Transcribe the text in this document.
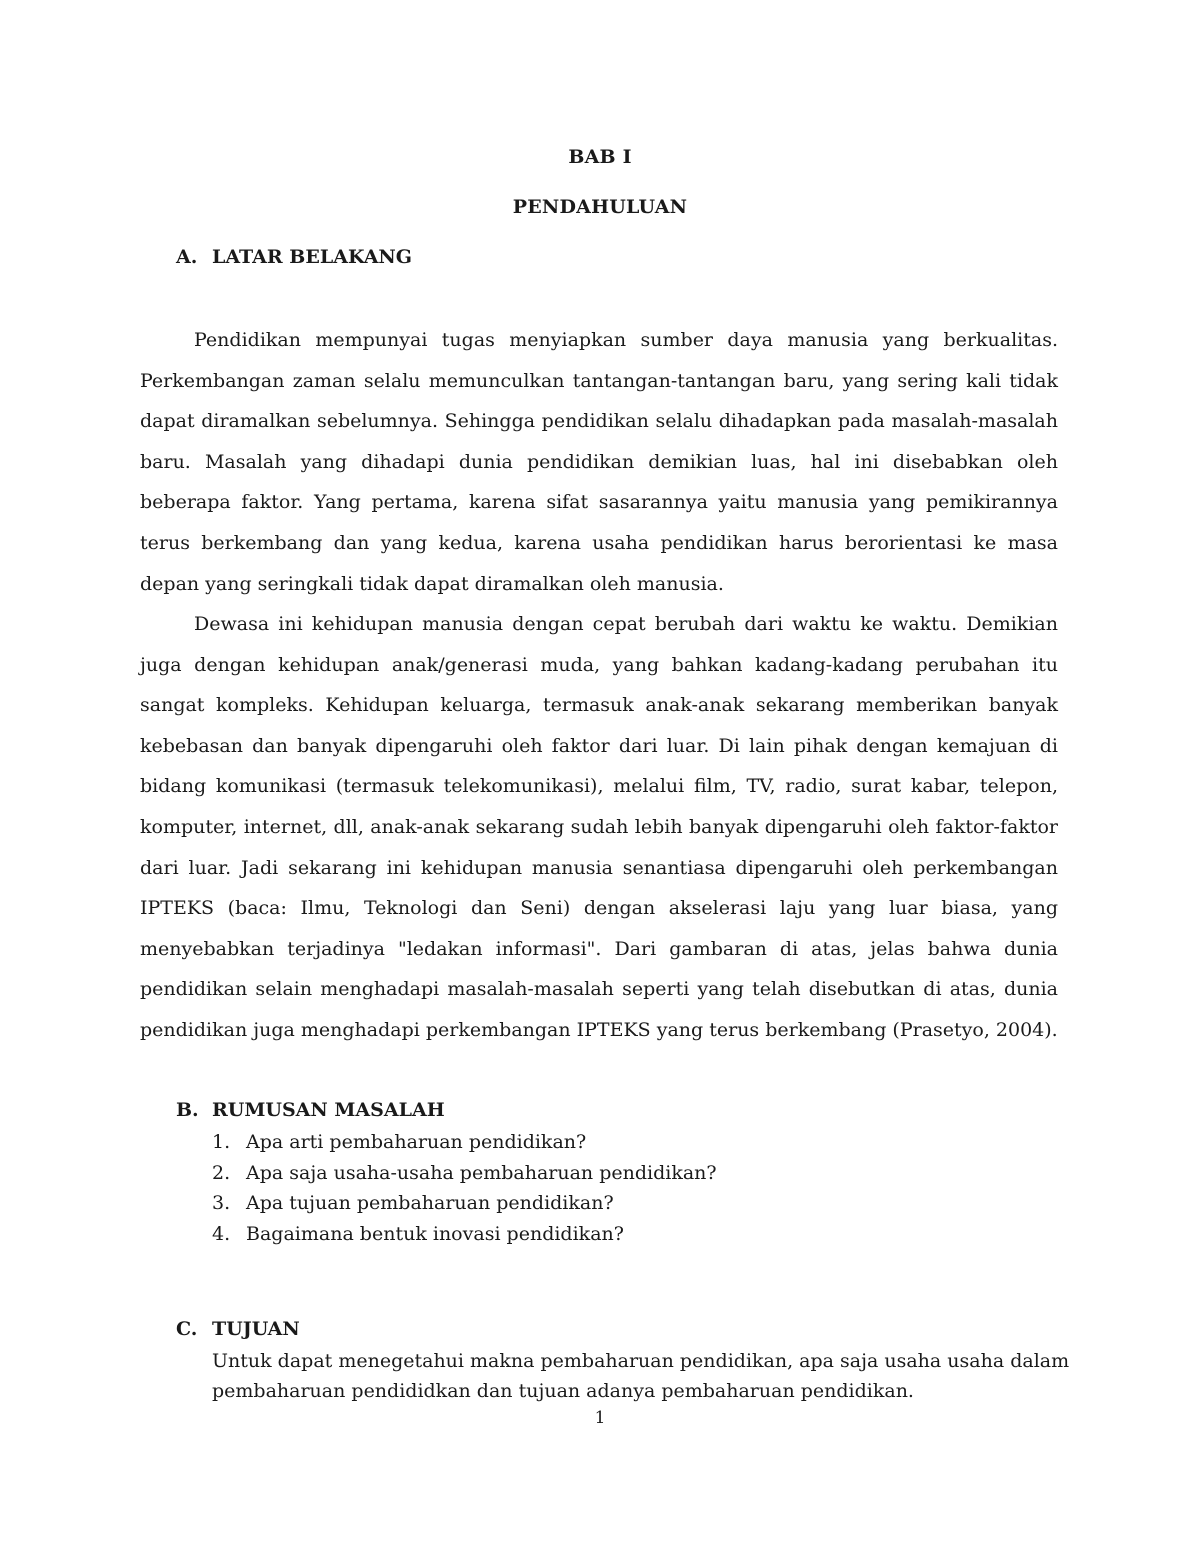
BAB I
PENDAHULUAN
A. LATAR BELAKANG

Pendidikan mempunyai tugas menyiapkan sumber daya manusia yang berkualitas. Perkembangan zaman selalu memunculkan tantangan-tantangan baru, yang sering kali tidak dapat diramalkan sebelumnya. Sehingga pendidikan selalu dihadapkan pada masalah-masalah baru. Masalah yang dihadapi dunia pendidikan demikian luas, hal ini disebabkan oleh beberapa faktor. Yang pertama, karena sifat sasarannya yaitu manusia yang pemikirannya terus berkembang dan yang kedua, karena usaha pendidikan harus berorientasi ke masa depan yang seringkali tidak dapat diramalkan oleh manusia.

Dewasa ini kehidupan manusia dengan cepat berubah dari waktu ke waktu. Demikian juga dengan kehidupan anak/generasi muda, yang bahkan kadang-kadang perubahan itu sangat kompleks. Kehidupan keluarga, termasuk anak-anak sekarang memberikan banyak kebebasan dan banyak dipengaruhi oleh faktor dari luar. Di lain pihak dengan kemajuan di bidang komunikasi (termasuk telekomunikasi), melalui film, TV, radio, surat kabar, telepon, komputer, internet, dll, anak-anak sekarang sudah lebih banyak dipengaruhi oleh faktor-faktor dari luar. Jadi sekarang ini kehidupan manusia senantiasa dipengaruhi oleh perkembangan IPTEKS (baca: Ilmu, Teknologi dan Seni) dengan akselerasi laju yang luar biasa, yang menyebabkan terjadinya "ledakan informasi". Dari gambaran di atas, jelas bahwa dunia pendidikan selain menghadapi masalah-masalah seperti yang telah disebutkan di atas, dunia pendidikan juga menghadapi perkembangan IPTEKS yang terus berkembang (Prasetyo, 2004).

B. RUMUSAN MASALAH
1. Apa arti pembaharuan pendidikan?
2. Apa saja usaha-usaha pembaharuan pendidikan?
3. Apa tujuan pembaharuan pendidikan?
4. Bagaimana bentuk inovasi pendidikan?
C. TUJUAN

Untuk dapat menegetahui makna pembaharuan pendidikan, apa saja usaha usaha dalam pembaharuan pendididkan dan tujuan adanya pembaharuan pendidikan.

1
